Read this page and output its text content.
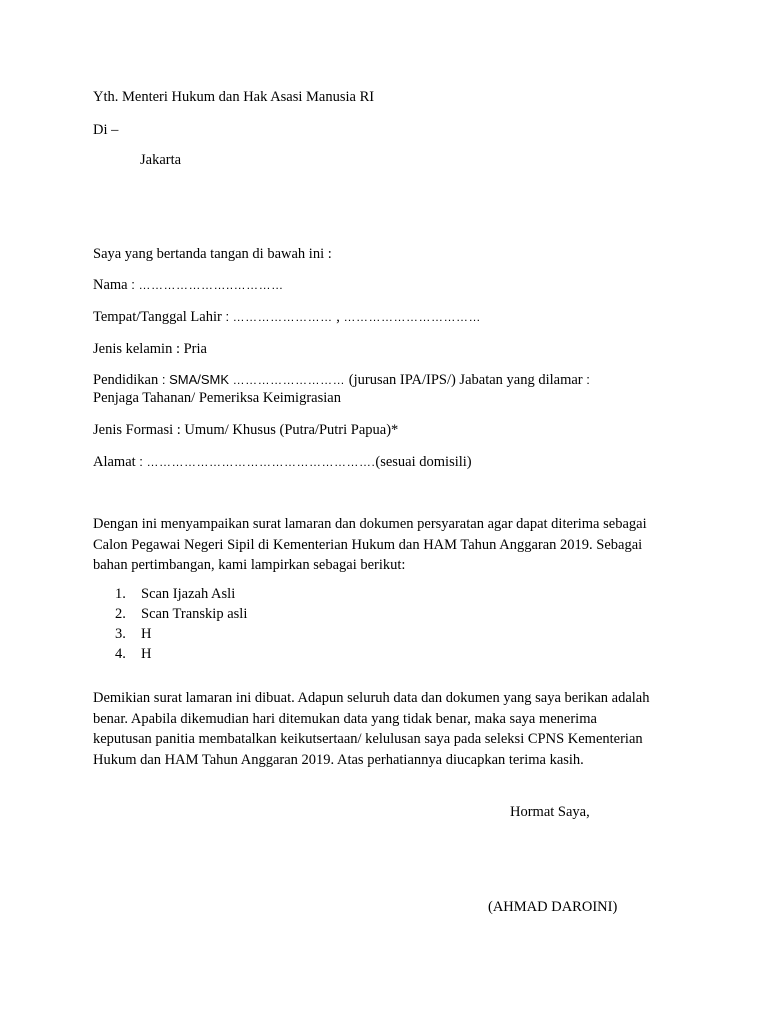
Yth. Menteri Hukum dan Hak Asasi Manusia RI
Di –
Jakarta
Saya yang bertanda tangan di bawah ini :
Nama : …………………..…………
Tempat/Tanggal Lahir : …………………… , ……………………………
Jenis kelamin : Pria
Pendidikan : SMA/SMK ……………………… (jurusan IPA/IPS/) Jabatan yang dilamar :
Penjaga Tahanan/ Pemeriksa Keimigrasian
Jenis Formasi : Umum/ Khusus (Putra/Putri Papua)*
Alamat : ……………………………………………….(sesuai domisili)
Dengan ini menyampaikan surat lamaran dan dokumen persyaratan agar dapat diterima sebagai Calon Pegawai Negeri Sipil di Kementerian Hukum dan HAM Tahun Anggaran 2019. Sebagai bahan pertimbangan, kami lampirkan sebagai berikut:
1. Scan Ijazah Asli
2. Scan Transkip asli
3. H
4. H
Demikian surat lamaran ini dibuat. Adapun seluruh data dan dokumen yang saya berikan adalah benar. Apabila dikemudian hari ditemukan data yang tidak benar, maka saya menerima keputusan panitia membatalkan keikutsertaan/ kelulusan saya pada seleksi CPNS Kementerian Hukum dan HAM Tahun Anggaran 2019. Atas perhatiannya diucapkan terima kasih.
Hormat Saya,
(AHMAD DAROINI)
